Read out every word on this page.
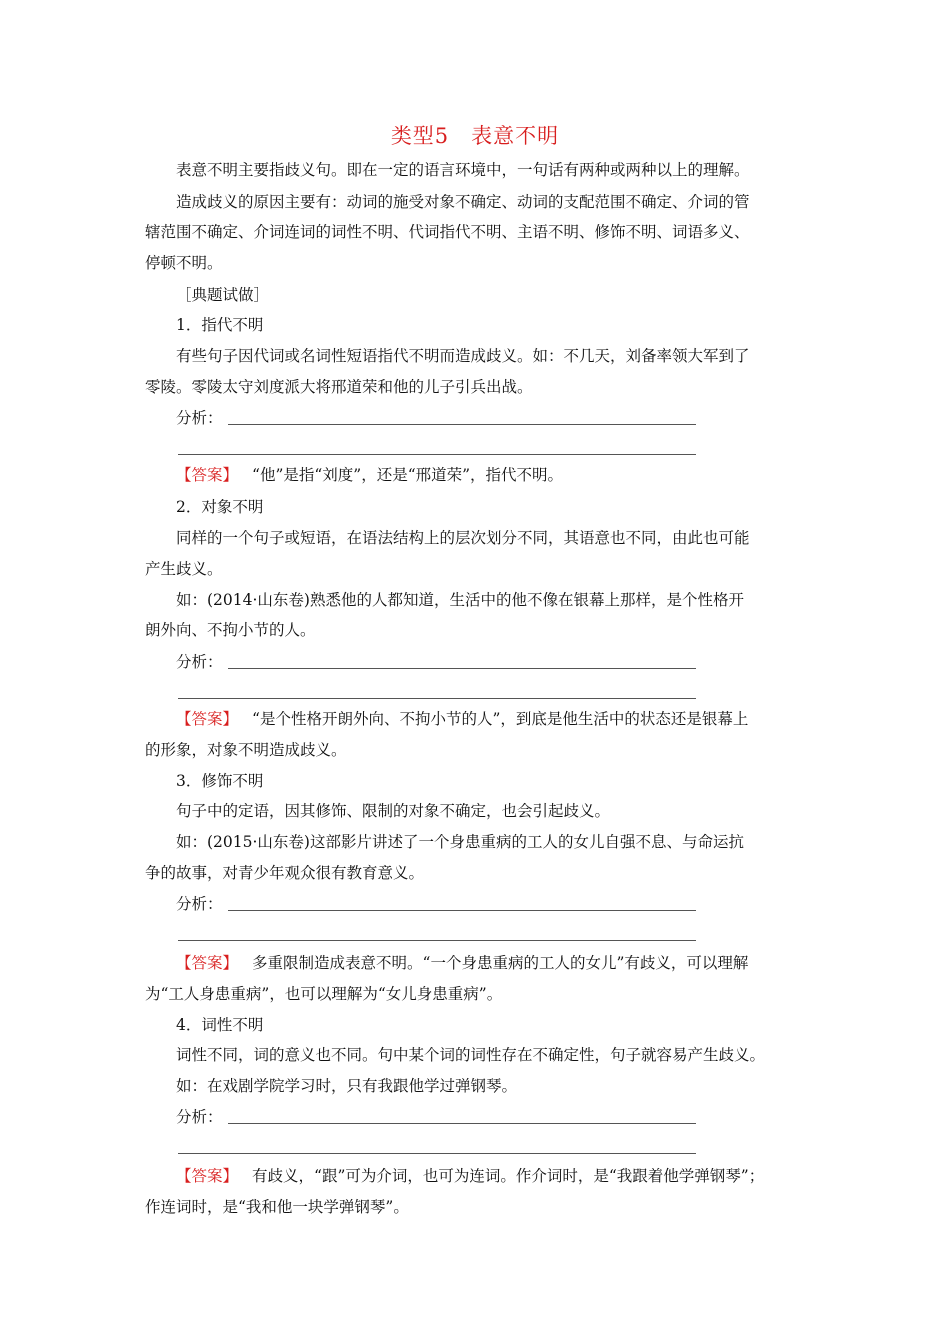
类型5　表意不明
表意不明主要指歧义句。即在一定的语言环境中，一句话有两种或两种以上的理解。
造成歧义的原因主要有：动词的施受对象不确定、动词的支配范围不确定、介词的管
辖范围不确定、介词连词的词性不明、代词指代不明、主语不明、修饰不明、词语多义、
停顿不明。
［典题试做］
1．指代不明
有些句子因代词或名词性短语指代不明而造成歧义。如：不几天，刘备率领大军到了
零陵。零陵太守刘度派大将邢道荣和他的儿子引兵出战。
分析：
【答案】 “他”是指“刘度”，还是“邢道荣”，指代不明。
2．对象不明
同样的一个句子或短语，在语法结构上的层次划分不同，其语意也不同，由此也可能
产生歧义。
如：(2014·山东卷)熟悉他的人都知道，生活中的他不像在银幕上那样，是个性格开
朗外向、不拘小节的人。
分析：
【答案】 “是个性格开朗外向、不拘小节的人”，到底是他生活中的状态还是银幕上
的形象，对象不明造成歧义。
3．修饰不明
句子中的定语，因其修饰、限制的对象不确定，也会引起歧义。
如：(2015·山东卷)这部影片讲述了一个身患重病的工人的女儿自强不息、与命运抗
争的故事，对青少年观众很有教育意义。
分析：
【答案】 多重限制造成表意不明。“一个身患重病的工人的女儿”有歧义，可以理解
为“工人身患重病”，也可以理解为“女儿身患重病”。
4．词性不明
词性不同，词的意义也不同。句中某个词的词性存在不确定性，句子就容易产生歧义。
如：在戏剧学院学习时，只有我跟他学过弹钢琴。
分析：
【答案】 有歧义，“跟”可为介词，也可为连词。作介词时，是“我跟着他学弹钢琴”；
作连词时，是“我和他一块学弹钢琴”。
